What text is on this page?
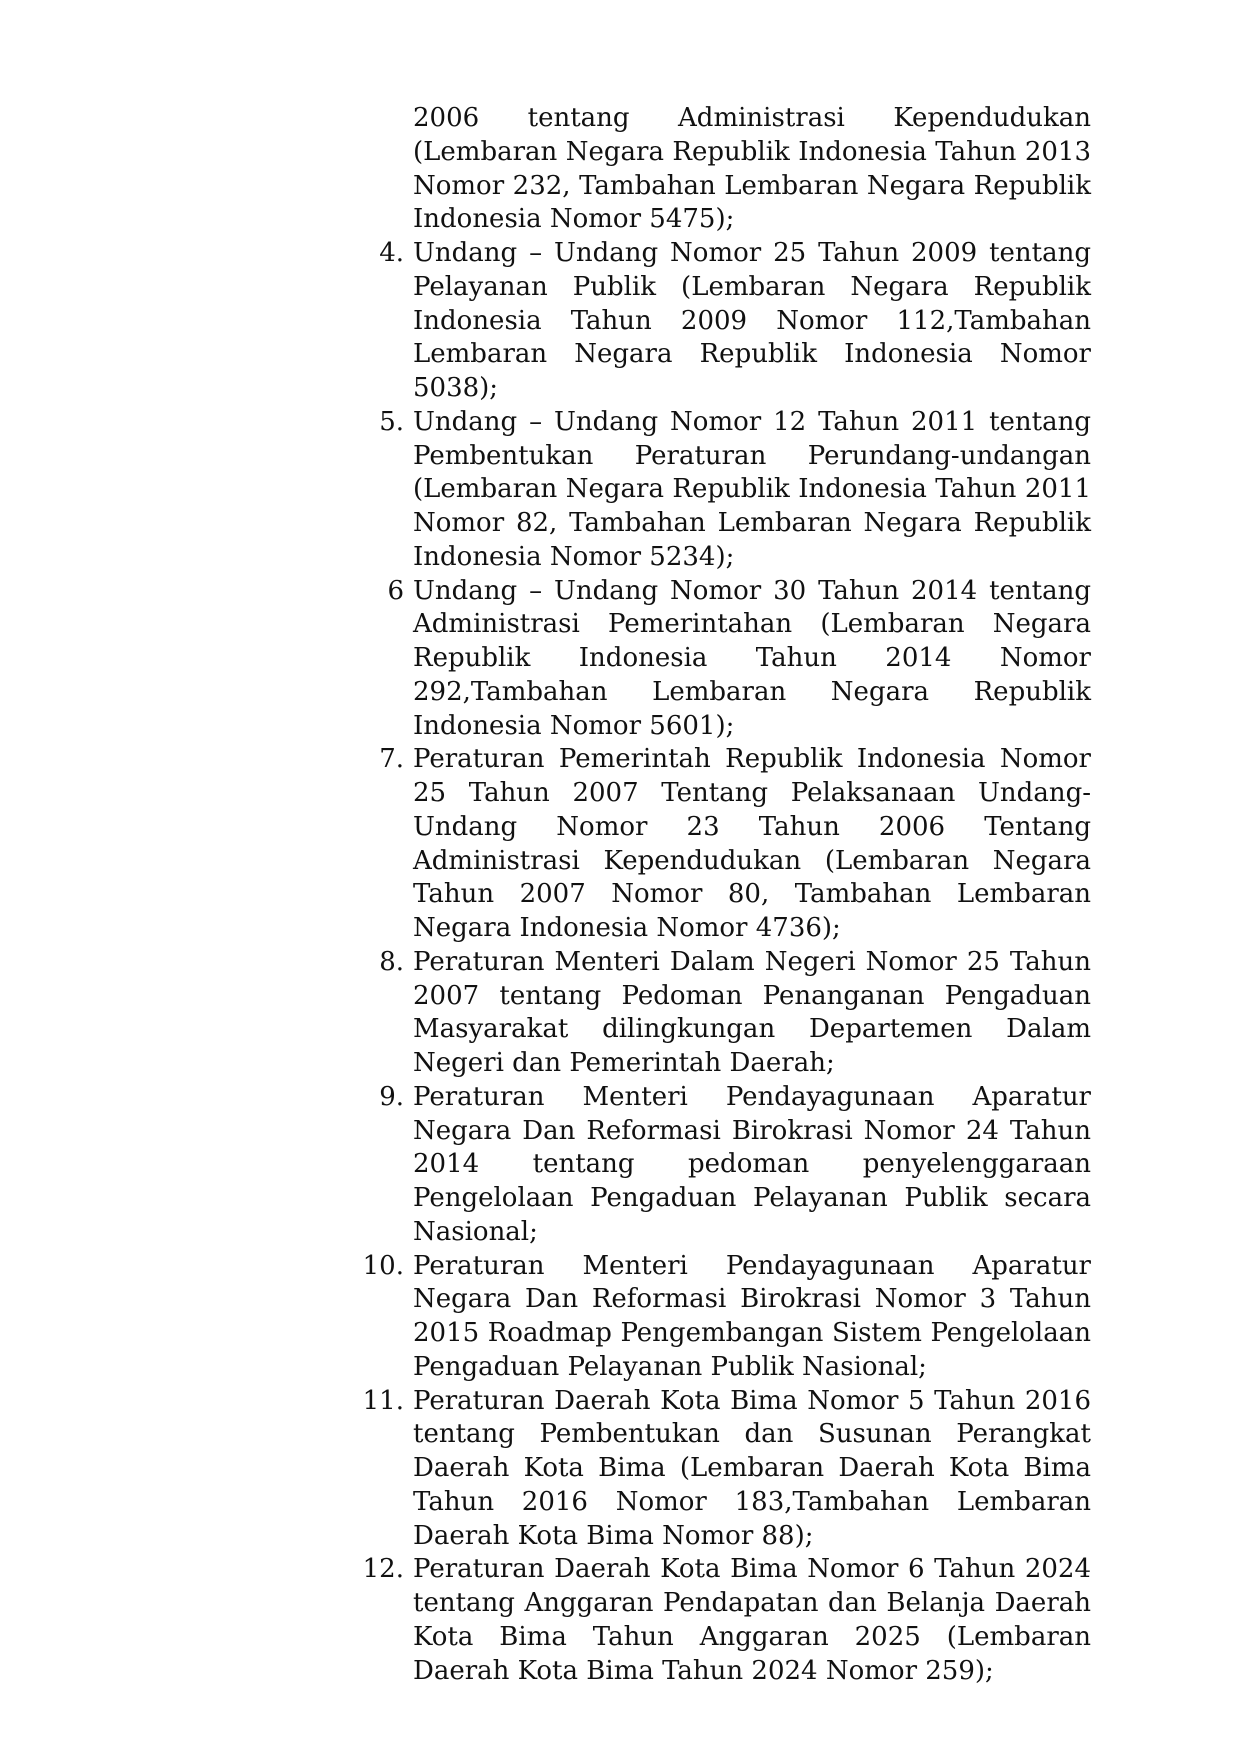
2006 tentang Administrasi Kependudukan (Lembaran Negara Republik Indonesia Tahun 2013 Nomor 232, Tambahan Lembaran Negara Republik Indonesia Nomor 5475);
4. Undang – Undang Nomor 25 Tahun 2009 tentang Pelayanan Publik (Lembaran Negara Republik Indonesia Tahun 2009 Nomor 112,Tambahan Lembaran Negara Republik Indonesia Nomor 5038);
5. Undang – Undang Nomor 12 Tahun 2011 tentang Pembentukan Peraturan Perundang-undangan (Lembaran Negara Republik Indonesia Tahun 2011 Nomor 82, Tambahan Lembaran Negara Republik Indonesia Nomor 5234);
6 Undang – Undang Nomor 30 Tahun 2014 tentang Administrasi Pemerintahan (Lembaran Negara Republik Indonesia Tahun 2014 Nomor 292,Tambahan Lembaran Negara Republik Indonesia Nomor 5601);
7. Peraturan Pemerintah Republik Indonesia Nomor 25 Tahun 2007 Tentang Pelaksanaan Undang-Undang Nomor 23 Tahun 2006 Tentang Administrasi Kependudukan (Lembaran Negara Tahun 2007 Nomor 80, Tambahan Lembaran Negara Indonesia Nomor 4736);
8. Peraturan Menteri Dalam Negeri Nomor 25 Tahun 2007 tentang Pedoman Penanganan Pengaduan Masyarakat dilingkungan Departemen Dalam Negeri dan Pemerintah Daerah;
9. Peraturan Menteri Pendayagunaan Aparatur Negara Dan Reformasi Birokrasi Nomor 24 Tahun 2014 tentang pedoman penyelenggaraan Pengelolaan Pengaduan Pelayanan Publik secara Nasional;
10. Peraturan Menteri Pendayagunaan Aparatur Negara Dan Reformasi Birokrasi Nomor 3 Tahun 2015 Roadmap Pengembangan Sistem Pengelolaan Pengaduan Pelayanan Publik Nasional;
11. Peraturan Daerah Kota Bima Nomor 5 Tahun 2016 tentang Pembentukan dan Susunan Perangkat Daerah Kota Bima (Lembaran Daerah Kota Bima Tahun 2016 Nomor 183,Tambahan Lembaran Daerah Kota Bima Nomor 88);
12. Peraturan Daerah Kota Bima Nomor 6 Tahun 2024 tentang Anggaran Pendapatan dan Belanja Daerah Kota Bima Tahun Anggaran 2025 (Lembaran Daerah Kota Bima Tahun 2024 Nomor 259);
